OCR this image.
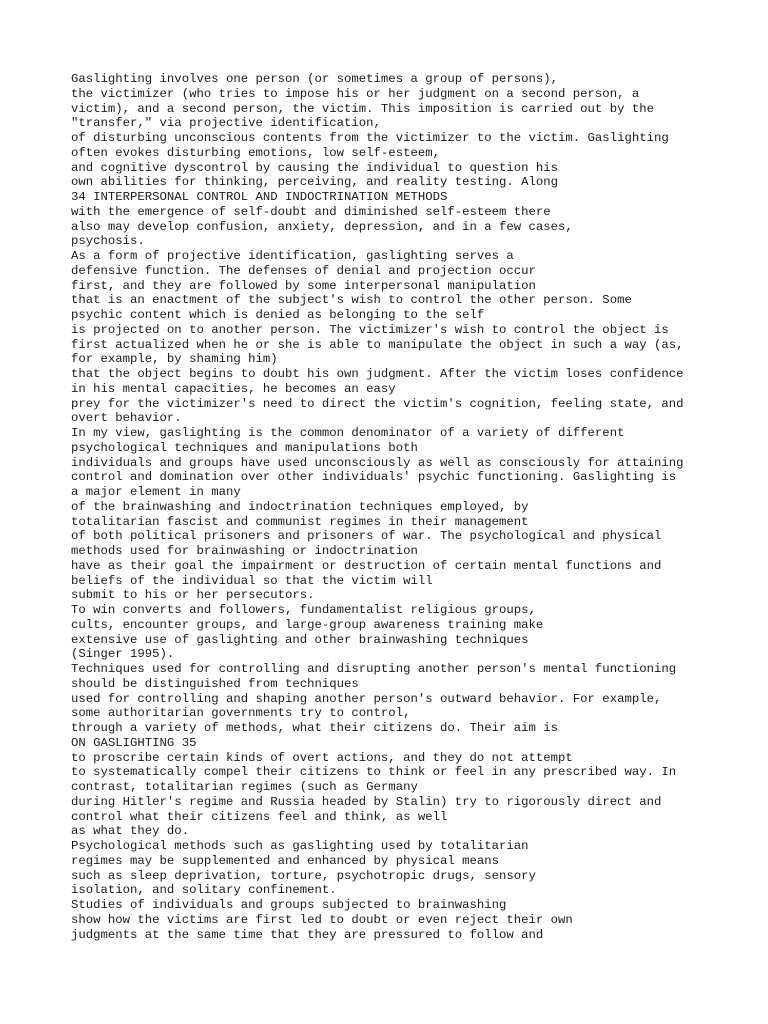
Gaslighting involves one person (or sometimes a group of persons),

the victimizer (who tries to impose his or her judgment on a second person, a

victim), and a second person, the victim. This imposition is carried out by the

"transfer," via projective identification,

of disturbing unconscious contents from the victimizer to the victim. Gaslighting

often evokes disturbing emotions, low self-esteem,

and cognitive dyscontrol by causing the individual to question his

own abilities for thinking, perceiving, and reality testing. Along

34 INTERPERSONAL CONTROL AND INDOCTRINATION METHODS

with the emergence of self-doubt and diminished self-esteem there

also may develop confusion, anxiety, depression, and in a few cases,

psychosis.

As a form of projective identification, gaslighting serves a

defensive function. The defenses of denial and projection occur

first, and they are followed by some interpersonal manipulation

that is an enactment of the subject's wish to control the other person. Some

psychic content which is denied as belonging to the self

is projected on to another person. The victimizer's wish to control the object is

first actualized when he or she is able to manipulate the object in such a way (as,

for example, by shaming him)

that the object begins to doubt his own judgment. After the victim loses confidence

in his mental capacities, he becomes an easy

prey for the victimizer's need to direct the victim's cognition, feeling state, and

overt behavior.

In my view, gaslighting is the common denominator of a variety of different

psychological techniques and manipulations both

individuals and groups have used unconsciously as well as consciously for attaining

control and domination over other individuals' psychic functioning. Gaslighting is

a major element in many

of the brainwashing and indoctrination techniques employed, by

totalitarian fascist and communist regimes in their management

of both political prisoners and prisoners of war. The psychological and physical

methods used for brainwashing or indoctrination

have as their goal the impairment or destruction of certain mental functions and

beliefs of the individual so that the victim will

submit to his or her persecutors.

To win converts and followers, fundamentalist religious groups,

cults, encounter groups, and large-group awareness training make

extensive use of gaslighting and other brainwashing techniques

(Singer 1995).

Techniques used for controlling and disrupting another person's mental functioning

should be distinguished from techniques

used for controlling and shaping another person's outward behavior. For example,

some authoritarian governments try to control,

through a variety of methods, what their citizens do. Their aim is

ON GASLIGHTING 35

to proscribe certain kinds of overt actions, and they do not attempt

to systematically compel their citizens to think or feel in any prescribed way. In

contrast, totalitarian regimes (such as Germany

during Hitler's regime and Russia headed by Stalin) try to rigorously direct and

control what their citizens feel and think, as well

as what they do.

Psychological methods such as gaslighting used by totalitarian

regimes may be supplemented and enhanced by physical means

such as sleep deprivation, torture, psychotropic drugs, sensory

isolation, and solitary confinement.

Studies of individuals and groups subjected to brainwashing

show how the victims are first led to doubt or even reject their own

judgments at the same time that they are pressured to follow and
